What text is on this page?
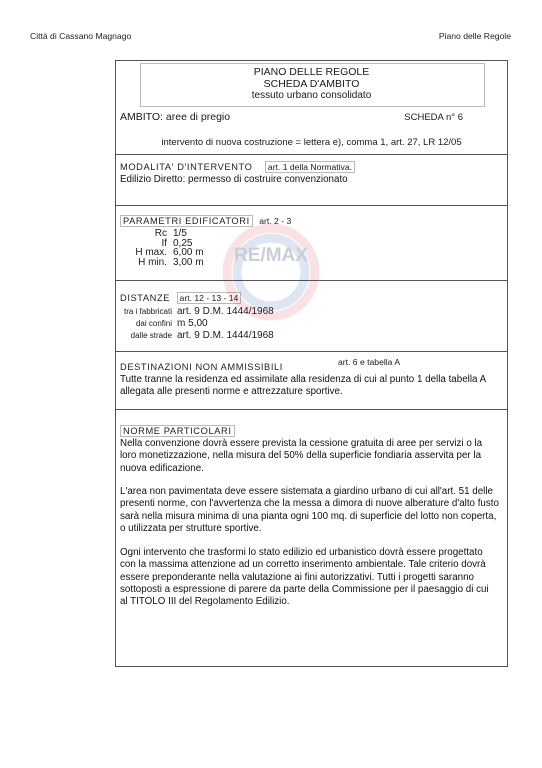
Città di Cassano Magnago	Piano delle Regole
PIANO DELLE REGOLE
SCHEDA D'AMBITO
tessuto urbano consolidato
AMBITO: aree di pregio	SCHEDA n° 6
intervento di nuova costruzione = lettera e), comma 1, art. 27, LR 12/05
MODALITA' D'INTERVENTO art. 1 della Normativa.
Edilizio Diretto: permesso di costruire convenzionato
PARAMETRI EDIFICATORI art. 2 - 3
Rc 1/5
If 0,25
H max. 6,00 m
H min. 3,00 m
DISTANZE art. 12 - 13 - 14
tra i fabbricati art. 9 D.M. 1444/1968
dai confini m 5,00
dalle strade art. 9 D.M. 1444/1968
DESTINAZIONI NON AMMISSIBILI	art. 6 e tabella A
Tutte tranne la residenza ed assimilate alla residenza di cui al punto 1 della tabella A allegata alle presenti norme e attrezzature sportive.
NORME PARTICOLARI
Nella convenzione dovrà essere prevista la cessione gratuita di aree per servizi o la loro monetizzazione, nella misura del 50% della superficie fondiaria asservita per la nuova edificazione.
L'area non pavimentata deve essere sistemata a giardino urbano di cui all'art. 51 delle presenti norme, con l'avvertenza che la messa a dimora di nuove alberature d'alto fusto sarà nella misura minima di una pianta ogni 100 mq. di superficie del lotto non coperta, o utilizzata per strutture sportive.
Ogni intervento che trasformi lo stato edilizio ed urbanistico dovrà essere progettato con la massima attenzione ad un corretto inserimento ambientale. Tale criterio dovrà essere preponderante nella valutazione ai fini autorizzativi. Tutti i progetti saranno sottoposti a espressione di parere da parte della Commissione per il paesaggio di cui al TITOLO III del Regolamento Edilizio.
RE/MAX
